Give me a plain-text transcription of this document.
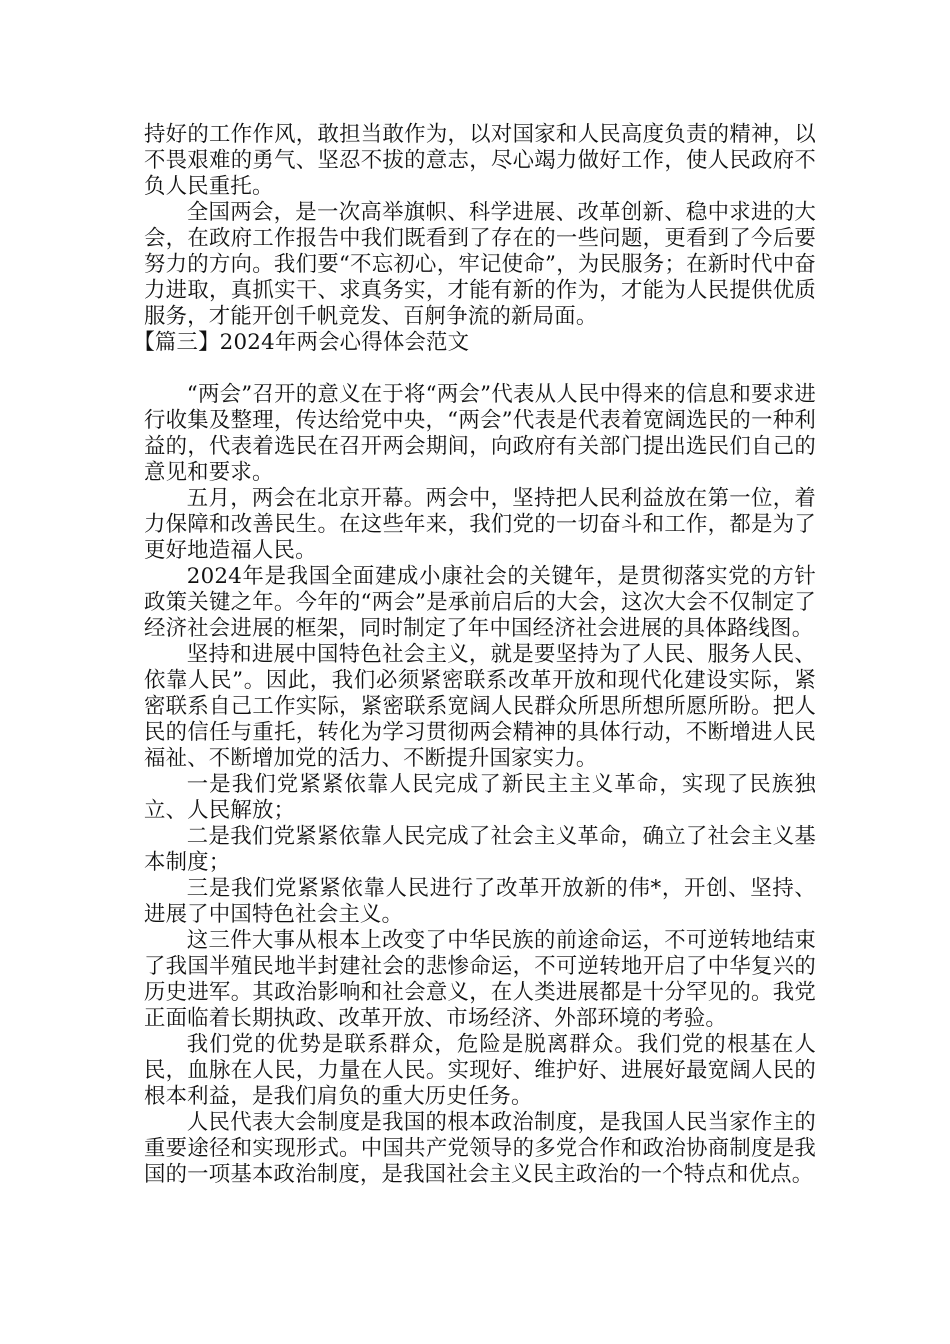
持好的工作作风，敢担当敢作为，以对国家和人民高度负责的精神，以不畏艰难的勇气、坚忍不拔的意志，尽心竭力做好工作，使人民政府不负人民重托。

全国两会，是一次高举旗帜、科学进展、改革创新、稳中求进的大会，在政府工作报告中我们既看到了存在的一些问题，更看到了今后要努力的方向。我们要“不忘初心，牢记使命”，为民服务；在新时代中奋力进取，真抓实干、求真务实，才能有新的作为，才能为人民提供优质服务，才能开创千帆竞发、百舸争流的新局面。

【篇三】2024年两会心得体会范文

“两会”召开的意义在于将“两会”代表从人民中得来的信息和要求进行收集及整理，传达给党中央，“两会”代表是代表着宽阔选民的一种利益的，代表着选民在召开两会期间，向政府有关部门提出选民们自己的意见和要求。

五月，两会在北京开幕。两会中，坚持把人民利益放在第一位，着力保障和改善民生。在这些年来，我们党的一切奋斗和工作，都是为了更好地造福人民。

2024年是我国全面建成小康社会的关键年，是贯彻落实党的方针政策关键之年。今年的“两会”是承前启后的大会，这次大会不仅制定了经济社会进展的框架，同时制定了年中国经济社会进展的具体路线图。

坚持和进展中国特色社会主义，就是要坚持为了人民、服务人民、依靠人民”。因此，我们必须紧密联系改革开放和现代化建设实际，紧密联系自己工作实际，紧密联系宽阔人民群众所思所想所愿所盼。把人民的信任与重托，转化为学习贯彻两会精神的具体行动，不断增进人民福祉、不断增加党的活力、不断提升国家实力。

一是我们党紧紧依靠人民完成了新民主主义革命，实现了民族独立、人民解放；

二是我们党紧紧依靠人民完成了社会主义革命，确立了社会主义基本制度；

三是我们党紧紧依靠人民进行了改革开放新的伟*，开创、坚持、进展了中国特色社会主义。

这三件大事从根本上改变了中华民族的前途命运，不可逆转地结束了我国半殖民地半封建社会的悲惨命运，不可逆转地开启了中华复兴的历史进军。其政治影响和社会意义，在人类进展都是十分罕见的。我党正面临着长期执政、改革开放、市场经济、外部环境的考验。

我们党的优势是联系群众，危险是脱离群众。我们党的根基在人民，血脉在人民，力量在人民。实现好、维护好、进展好最宽阔人民的根本利益，是我们肩负的重大历史任务。

人民代表大会制度是我国的根本政治制度，是我国人民当家作主的重要途径和实现形式。中国共产党领导的多党合作和政治协商制度是我国的一项基本政治制度，是我国社会主义民主政治的一个特点和优点。
